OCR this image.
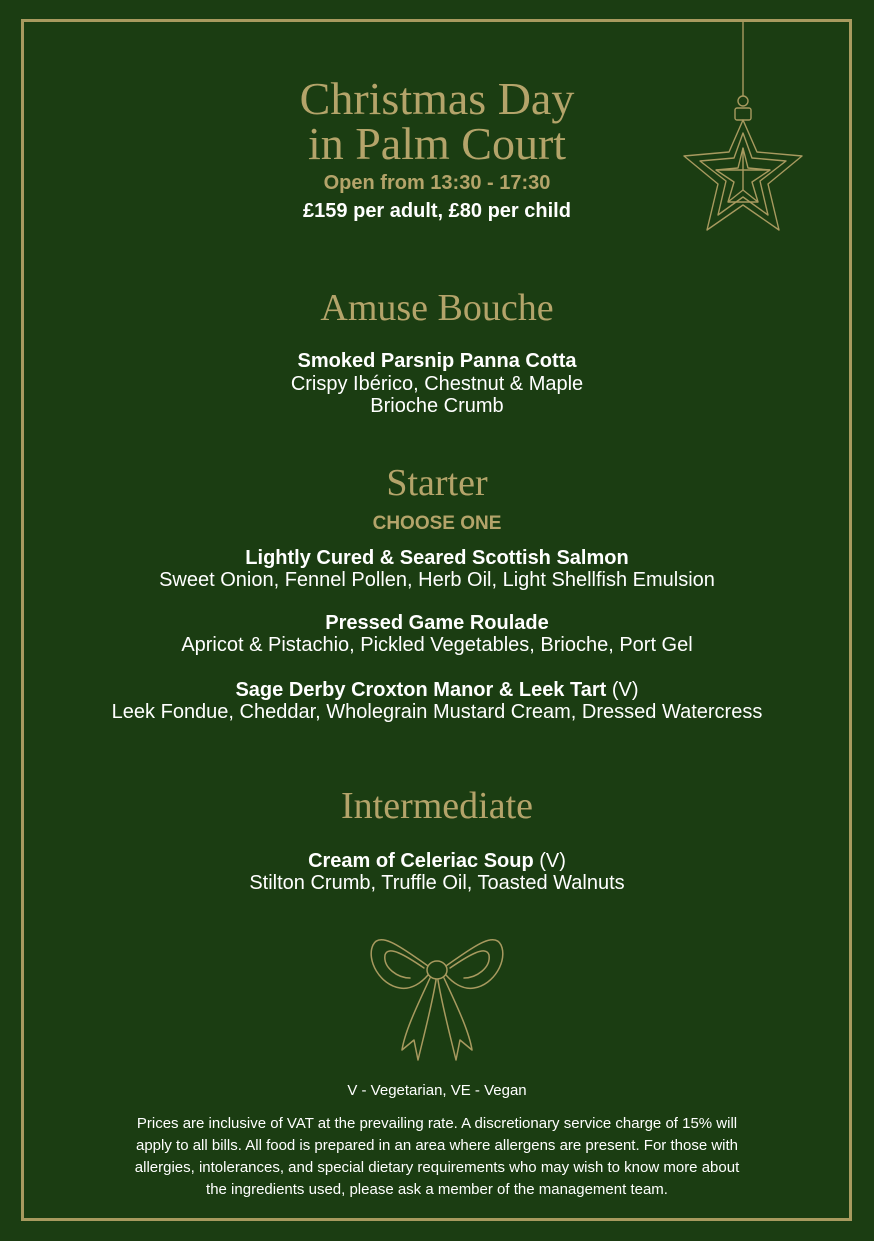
Christmas Day
in Palm Court
Open from 13:30 - 17:30
£159 per adult, £80 per child
Amuse Bouche
Smoked Parsnip Panna Cotta
Crispy Ibérico, Chestnut & Maple
Brioche Crumb
Starter
CHOOSE ONE
Lightly Cured & Seared Scottish Salmon
Sweet Onion, Fennel Pollen, Herb Oil, Light Shellfish Emulsion
Pressed Game Roulade
Apricot & Pistachio, Pickled Vegetables, Brioche, Port Gel
Sage Derby Croxton Manor & Leek Tart (V)
Leek Fondue, Cheddar, Wholegrain Mustard Cream, Dressed Watercress
Intermediate
Cream of Celeriac Soup (V)
Stilton Crumb, Truffle Oil, Toasted Walnuts
V - Vegetarian, VE - Vegan
Prices are inclusive of VAT at the prevailing rate. A discretionary service charge of 15% will
apply to all bills. All food is prepared in an area where allergens are present. For those with
allergies, intolerances, and special dietary requirements who may wish to know more about
the ingredients used, please ask a member of the management team.
